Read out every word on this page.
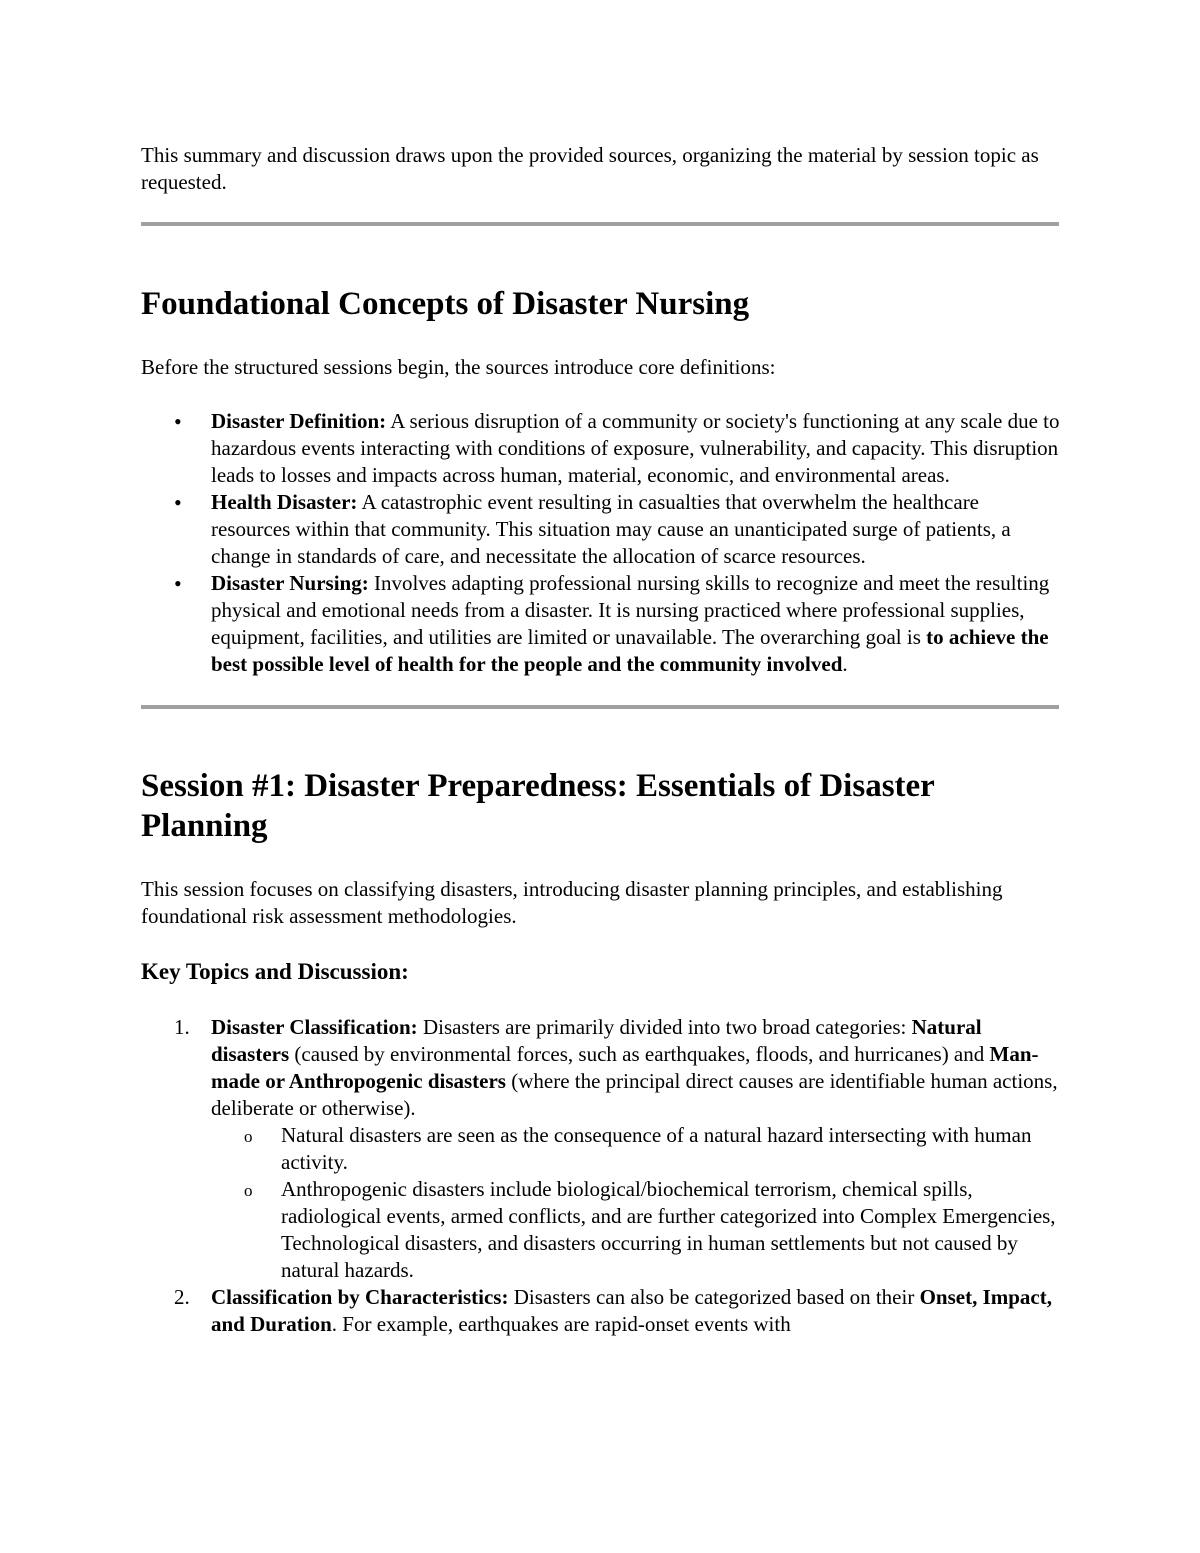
This summary and discussion draws upon the provided sources, organizing the material by session topic as requested.

Foundational Concepts of Disaster Nursing

Before the structured sessions begin, the sources introduce core definitions:

• Disaster Definition: A serious disruption of a community or society's functioning at any scale due to hazardous events interacting with conditions of exposure, vulnerability, and capacity. This disruption leads to losses and impacts across human, material, economic, and environmental areas.
• Health Disaster: A catastrophic event resulting in casualties that overwhelm the healthcare resources within that community. This situation may cause an unanticipated surge of patients, a change in standards of care, and necessitate the allocation of scarce resources.
• Disaster Nursing: Involves adapting professional nursing skills to recognize and meet the resulting physical and emotional needs from a disaster. It is nursing practiced where professional supplies, equipment, facilities, and utilities are limited or unavailable. The overarching goal is to achieve the best possible level of health for the people and the community involved.
Session #1: Disaster Preparedness: Essentials of Disaster Planning

This session focuses on classifying disasters, introducing disaster planning principles, and establishing foundational risk assessment methodologies.

Key Topics and Discussion:
1. Disaster Classification: Disasters are primarily divided into two broad categories: Natural disasters (caused by environmental forces, such as earthquakes, floods, and hurricanes) and Man-made or Anthropogenic disasters (where the principal direct causes are identifiable human actions, deliberate or otherwise).
o Natural disasters are seen as the consequence of a natural hazard intersecting with human activity.
o Anthropogenic disasters include biological/biochemical terrorism, chemical spills, radiological events, armed conflicts, and are further categorized into Complex Emergencies, Technological disasters, and disasters occurring in human settlements but not caused by natural hazards.
2. Classification by Characteristics: Disasters can also be categorized based on their Onset, Impact, and Duration. For example, earthquakes are rapid-onset events with
